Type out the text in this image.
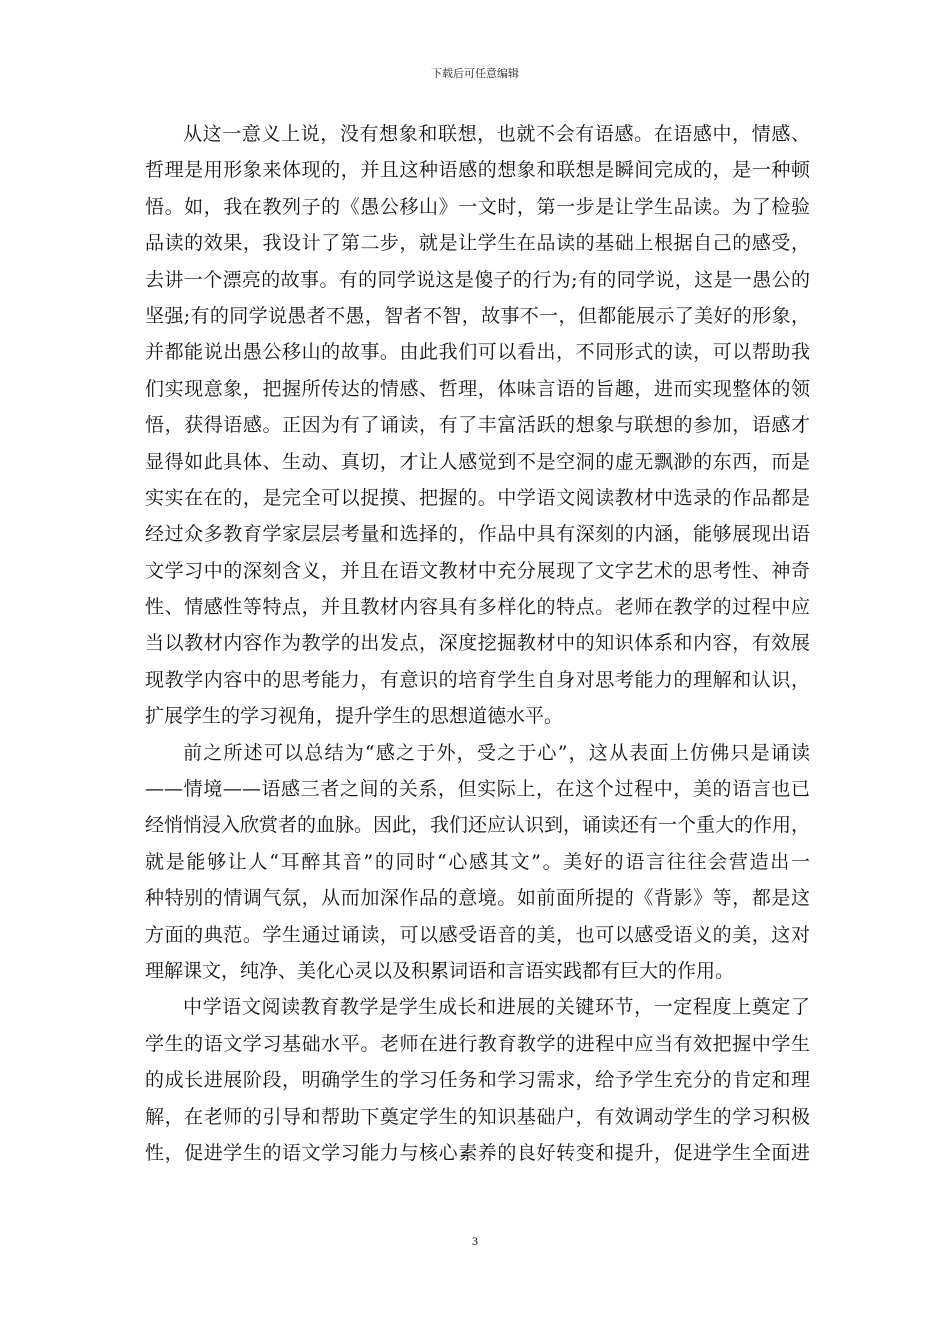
下载后可任意编辑
从这一意义上说，没有想象和联想，也就不会有语感。在语感中，情感、
哲理是用形象来体现的，并且这种语感的想象和联想是瞬间完成的，是一种顿
悟。如，我在教列子的《愚公移山》一文时，第一步是让学生品读。为了检验
品读的效果，我设计了第二步，就是让学生在品读的基础上根据自己的感受，
去讲一个漂亮的故事。有的同学说这是傻子的行为;有的同学说，这是一愚公的
坚强;有的同学说愚者不愚，智者不智，故事不一，但都能展示了美好的形象，
并都能说出愚公移山的故事。由此我们可以看出，不同形式的读，可以帮助我
们实现意象，把握所传达的情感、哲理，体味言语的旨趣，进而实现整体的领
悟，获得语感。正因为有了诵读，有了丰富活跃的想象与联想的参加，语感才
显得如此具体、生动、真切，才让人感觉到不是空洞的虚无飘渺的东西，而是
实实在在的，是完全可以捉摸、把握的。中学语文阅读教材中选录的作品都是
经过众多教育学家层层考量和选择的，作品中具有深刻的内涵，能够展现出语
文学习中的深刻含义，并且在语文教材中充分展现了文字艺术的思考性、神奇
性、情感性等特点，并且教材内容具有多样化的特点。老师在教学的过程中应
当以教材内容作为教学的出发点，深度挖掘教材中的知识体系和内容，有效展
现教学内容中的思考能力，有意识的培育学生自身对思考能力的理解和认识，
扩展学生的学习视角，提升学生的思想道德水平。
前之所述可以总结为“感之于外，受之于心”，这从表面上仿佛只是诵读
——情境——语感三者之间的关系，但实际上，在这个过程中，美的语言也已
经悄悄浸入欣赏者的血脉。因此，我们还应认识到，诵读还有一个重大的作用，
就是能够让人“耳醉其音”的同时“心感其文”。美好的语言往往会营造出一
种特别的情调气氛，从而加深作品的意境。如前面所提的《背影》等，都是这
方面的典范。学生通过诵读，可以感受语音的美，也可以感受语义的美，这对
理解课文，纯净、美化心灵以及积累词语和言语实践都有巨大的作用。
中学语文阅读教育教学是学生成长和进展的关键环节，一定程度上奠定了
学生的语文学习基础水平。老师在进行教育教学的进程中应当有效把握中学生
的成长进展阶段，明确学生的学习任务和学习需求，给予学生充分的肯定和理
解，在老师的引导和帮助下奠定学生的知识基础户，有效调动学生的学习积极
性，促进学生的语文学习能力与核心素养的良好转变和提升，促进学生全面进
3
